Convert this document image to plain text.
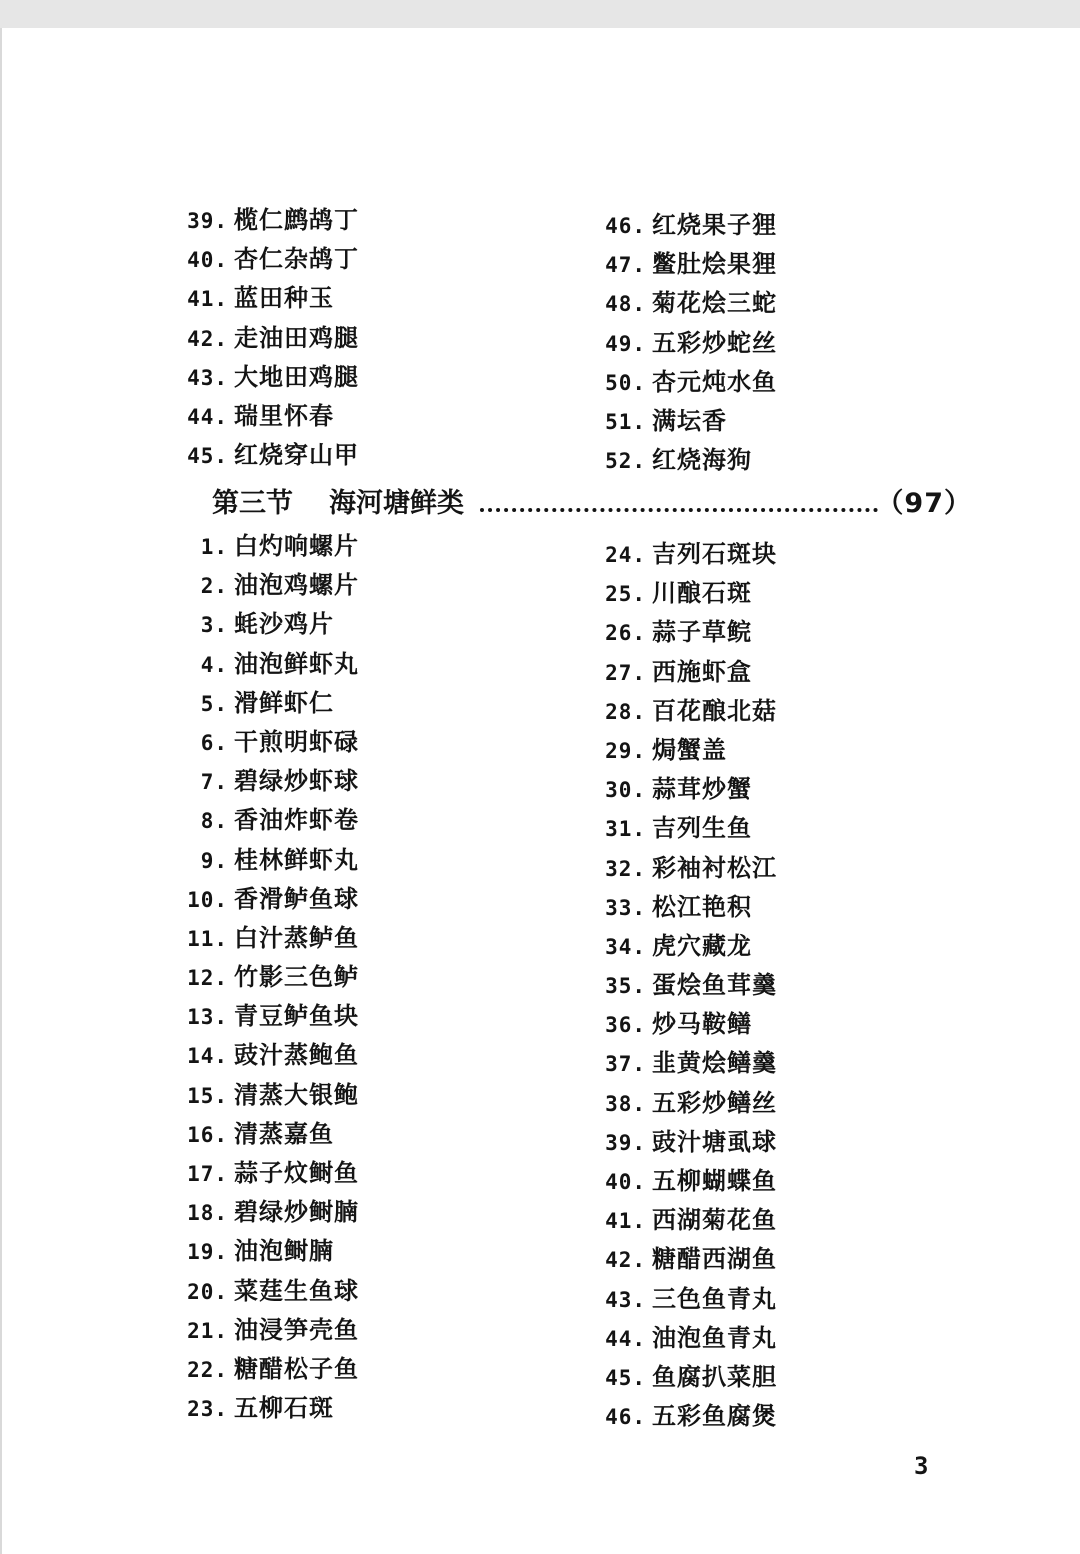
39. 榄仁鹧鸪丁
40. 杏仁杂鸪丁
41. 蓝田种玉
42. 走油田鸡腿
43. 大地田鸡腿
44. 瑞里怀春
45. 红烧穿山甲
46. 红烧果子狸
47. 鳖肚烩果狸
48. 菊花烩三蛇
49. 五彩炒蛇丝
50. 杏元炖水鱼
51. 满坛香
52. 红烧海狗
第三节 海河塘鲜类	（97）
1. 白灼响螺片
2. 油泡鸡螺片
3. 蚝沙鸡片
4. 油泡鲜虾丸
5. 滑鲜虾仁
6. 干煎明虾碌
7. 碧绿炒虾球
8. 香油炸虾卷
9. 桂林鲜虾丸
10. 香滑鲈鱼球
11. 白汁蒸鲈鱼
12. 竹影三色鲈
13. 青豆鲈鱼块
14. 豉汁蒸鲍鱼
15. 清蒸大银鲍
16. 清蒸嘉鱼
17. 蒜子炆鲥鱼
18. 碧绿炒鲥腩
19. 油泡鲥腩
20. 菜莛生鱼球
21. 油浸笋壳鱼
22. 糖醋松子鱼
23. 五柳石斑
24. 吉列石斑块
25. 川酿石斑
26. 蒜子草鲩
27. 西施虾盒
28. 百花酿北菇
29. 焗蟹盖
30. 蒜茸炒蟹
31. 吉列生鱼
32. 彩袖衬松江
33. 松江艳积
34. 虎穴藏龙
35. 蛋烩鱼茸羹
36. 炒马鞍鳝
37. 韭黄烩鳝羹
38. 五彩炒鳝丝
39. 豉汁塘虱球
40. 五柳蝴蝶鱼
41. 西湖菊花鱼
42. 糖醋西湖鱼
43. 三色鱼青丸
44. 油泡鱼青丸
45. 鱼腐扒菜胆
46. 五彩鱼腐煲
3
